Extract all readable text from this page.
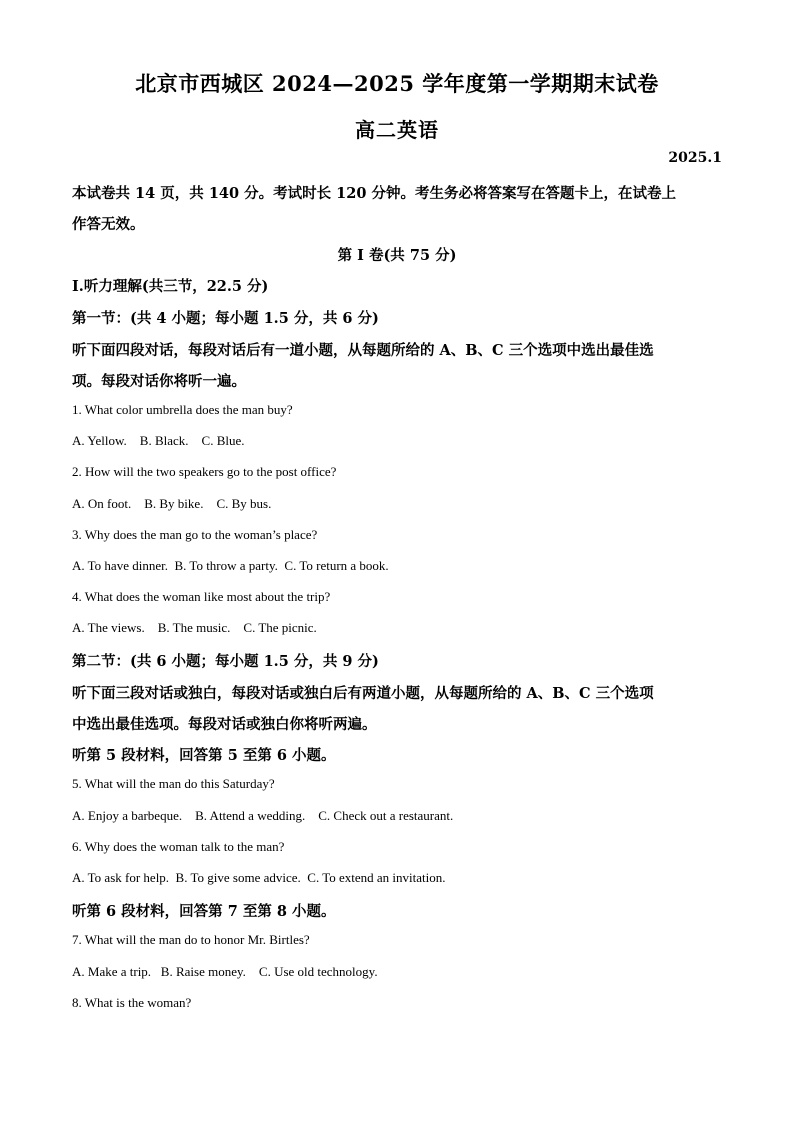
北京市西城区 2024—2025 学年度第一学期期末试卷
高二英语
2025.1
本试卷共 14 页，共 140 分。考试时长 120 分钟。考生务必将答案写在答题卡上，在试卷上
作答无效。
第 I 卷(共 75 分)
I.听力理解(共三节，22.5 分)
第一节：(共 4 小题；每小题 1.5 分，共 6 分)
听下面四段对话，每段对话后有一道小题，从每题所给的 A、B、C 三个选项中选出最佳选
项。每段对话你将听一遍。
1. What color umbrella does the man buy?
A. Yellow.    B. Black.    C. Blue.
2. How will the two speakers go to the post office?
A. On foot.    B. By bike.    C. By bus.
3. Why does the man go to the woman’s place?
A. To have dinner.  B. To throw a party.  C. To return a book.
4. What does the woman like most about the trip?
A. The views.    B. The music.    C. The picnic.
第二节：(共 6 小题；每小题 1.5 分，共 9 分)
听下面三段对话或独白，每段对话或独白后有两道小题，从每题所给的 A、B、C 三个选项
中选出最佳选项。每段对话或独白你将听两遍。
听第 5 段材料，回答第 5 至第 6 小题。
5. What will the man do this Saturday?
A. Enjoy a barbeque.    B. Attend a wedding.    C. Check out a restaurant.
6. Why does the woman talk to the man?
A. To ask for help.  B. To give some advice.  C. To extend an invitation.
听第 6 段材料，回答第 7 至第 8 小题。
7. What will the man do to honor Mr. Birtles?
A. Make a trip.   B. Raise money.    C. Use old technology.
8. What is the woman?
